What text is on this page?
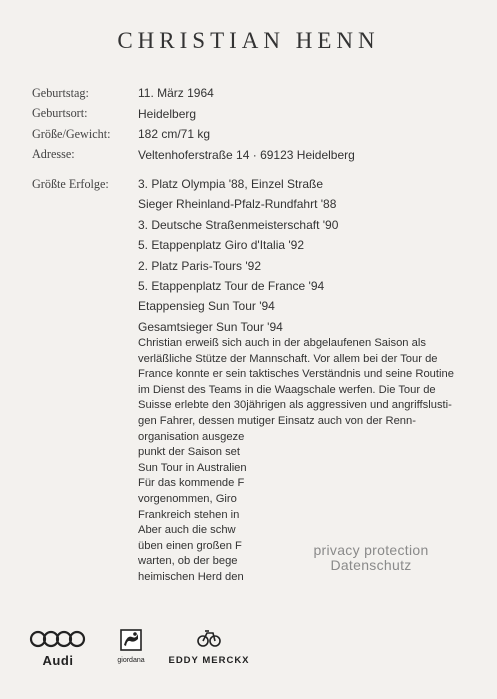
CHRISTIAN HENN
Geburtstag:	11. März 1964
Geburtsort:	Heidelberg
Größe/Gewicht:	182 cm/71 kg
Adresse:	Veltenhoferstraße 14 · 69123 Heidelberg
Größte Erfolge:	3. Platz Olympia '88, Einzel Straße
Sieger Rheinland-Pfalz-Rundfahrt '88
3. Deutsche Straßenmeisterschaft '90
5. Etappenplatz Giro d'Italia '92
2. Platz Paris-Tours '92
5. Etappenplatz Tour de France '94
Etappensieg Sun Tour '94
Gesamtsieger Sun Tour '94
Christian erweiß sich auch in der abgelaufenen Saison als
verläßliche Stütze der Mannschaft. Vor allem bei der Tour de
France konnte er sein taktisches Verständnis und seine Routine
im Dienst des Teams in die Waagschale werfen. Die Tour de
Suisse erlebte den 30jährigen als aggressiven und angriffslusti-
gen Fahrer, dessen mutiger Einsatz auch von der Renn-
organisation ausgeze
punkt der Saison set
Sun Tour in Australien
Für das kommende F
vorgenommen, Giro
Frankreich stehen in
Aber auch die schw
üben einen großen F
warten, ob der bege
heimischen Herd den
privacy protection
Datenschutz
Audi	giordana	EDDY MERCKX
